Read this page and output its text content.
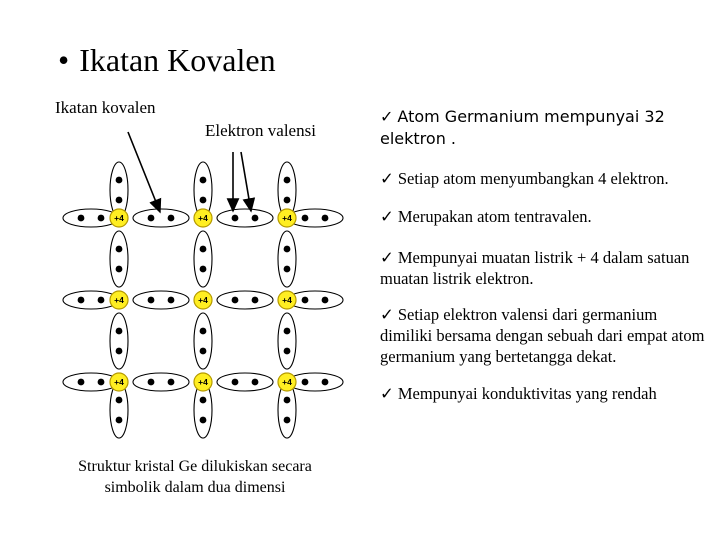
• Ikatan Kovalen
Ikatan kovalen
Elektron valensi
+4	+4	+4
+4	+4	+4
+4	+4	+4
Struktur kristal Ge dilukiskan secara
simbolik dalam dua dimensi
✓ Atom Germanium mempunyai 32 elektron .
✓ Setiap atom menyumbangkan 4 elektron.
✓ Merupakan atom tentravalen.
✓ Mempunyai muatan listrik + 4 dalam satuan muatan listrik elektron.
✓ Setiap elektron valensi dari germanium dimiliki bersama dengan sebuah dari empat atom germanium yang bertetangga dekat.
✓ Mempunyai konduktivitas yang rendah
